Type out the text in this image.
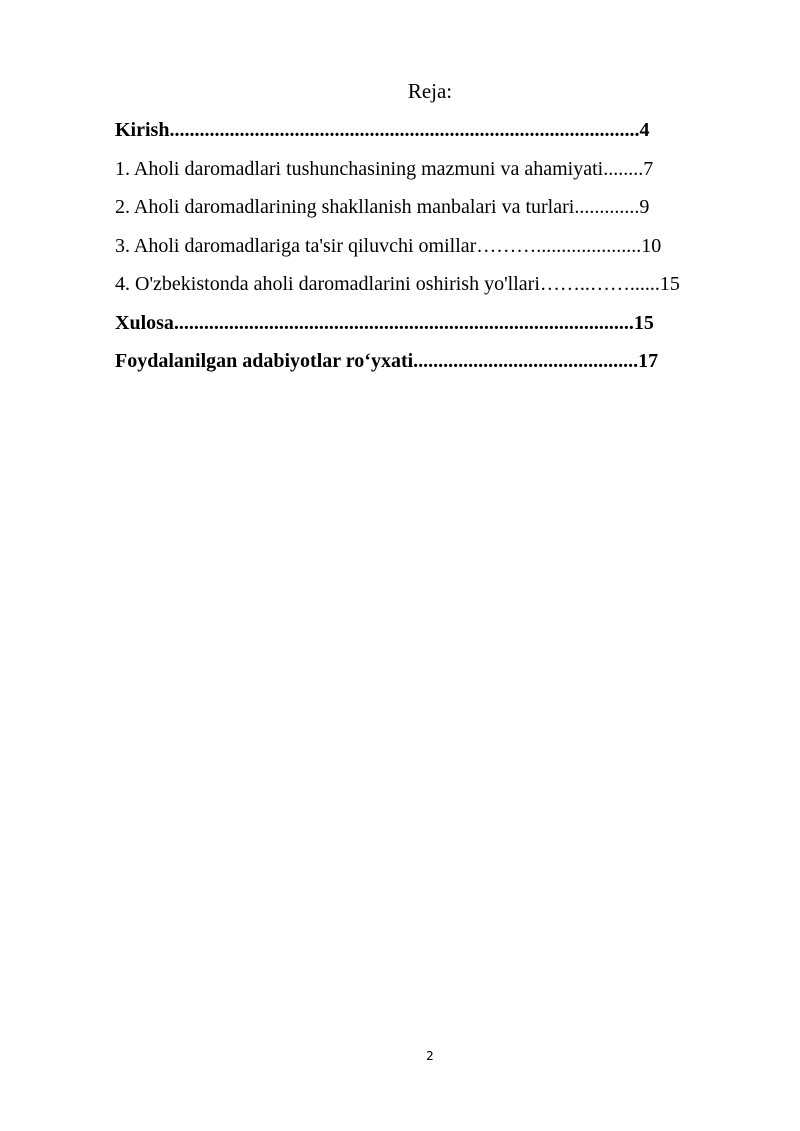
Reja:
Kirish..............................................................................................4
1. Aholi daromadlari tushunchasining mazmuni va ahamiyati........7
2. Aholi daromadlarining shakllanish manbalari va turlari.............9
3. Aholi daromadlariga ta'sir qiluvchi omillar……….....................10
4. O'zbekistonda aholi daromadlarini oshirish yo'llari……..……......15
Xulosa............................................................................................15
Foydalanilgan adabiyotlar ro‘yxati.............................................17
2
